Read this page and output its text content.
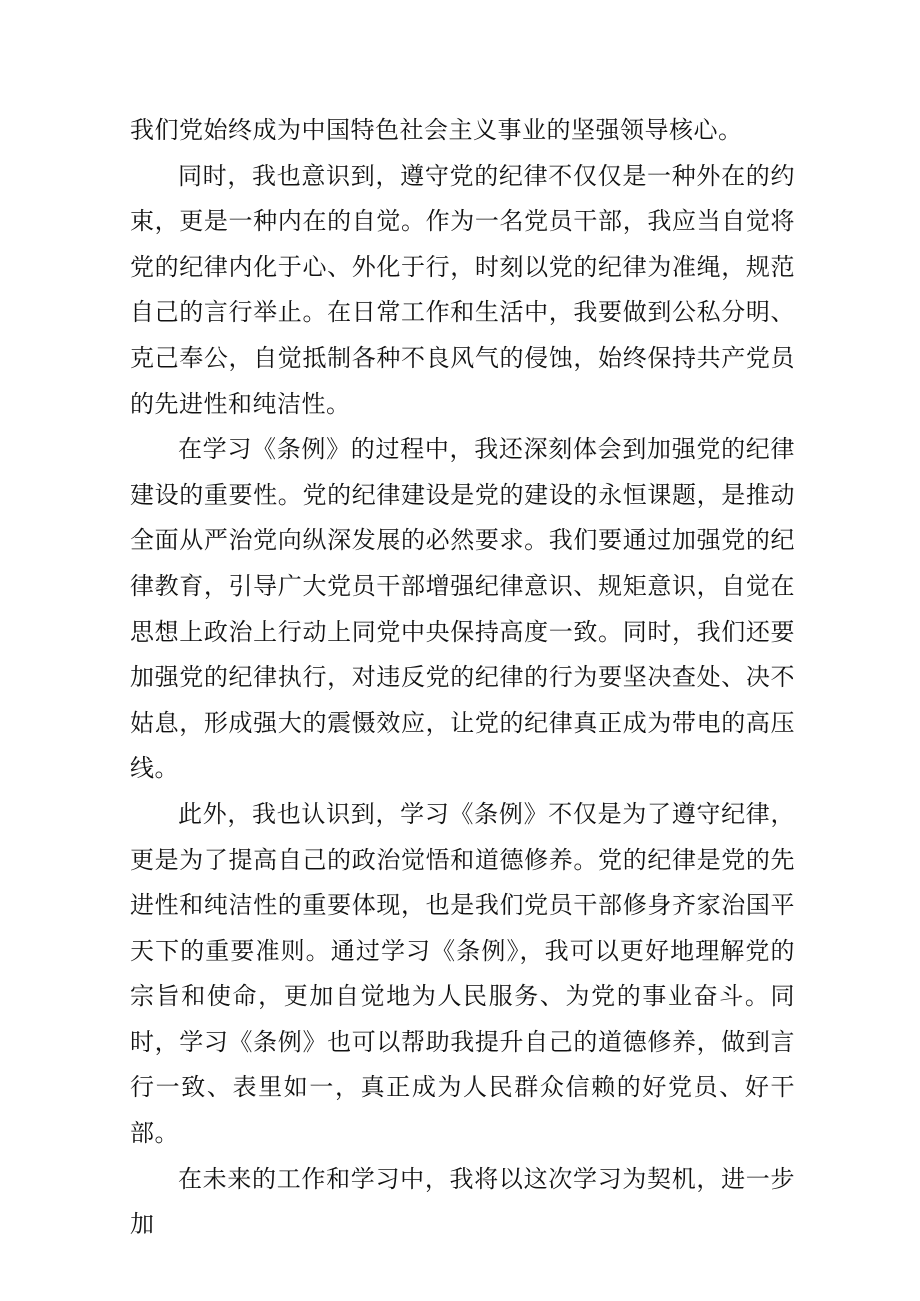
我们党始终成为中国特色社会主义事业的坚强领导核心。

同时，我也意识到，遵守党的纪律不仅仅是一种外在的约束，更是一种内在的自觉。作为一名党员干部，我应当自觉将党的纪律内化于心、外化于行，时刻以党的纪律为准绳，规范自己的言行举止。在日常工作和生活中，我要做到公私分明、克己奉公，自觉抵制各种不良风气的侵蚀，始终保持共产党员的先进性和纯洁性。

在学习《条例》的过程中，我还深刻体会到加强党的纪律建设的重要性。党的纪律建设是党的建设的永恒课题，是推动全面从严治党向纵深发展的必然要求。我们要通过加强党的纪律教育，引导广大党员干部增强纪律意识、规矩意识，自觉在思想上政治上行动上同党中央保持高度一致。同时，我们还要加强党的纪律执行，对违反党的纪律的行为要坚决查处、决不姑息，形成强大的震慑效应，让党的纪律真正成为带电的高压线。

此外，我也认识到，学习《条例》不仅是为了遵守纪律，更是为了提高自己的政治觉悟和道德修养。党的纪律是党的先进性和纯洁性的重要体现，也是我们党员干部修身齐家治国平天下的重要准则。通过学习《条例》，我可以更好地理解党的宗旨和使命，更加自觉地为人民服务、为党的事业奋斗。同时，学习《条例》也可以帮助我提升自己的道德修养，做到言行一致、表里如一，真正成为人民群众信赖的好党员、好干部。

在未来的工作和学习中，我将以这次学习为契机，进一步加
